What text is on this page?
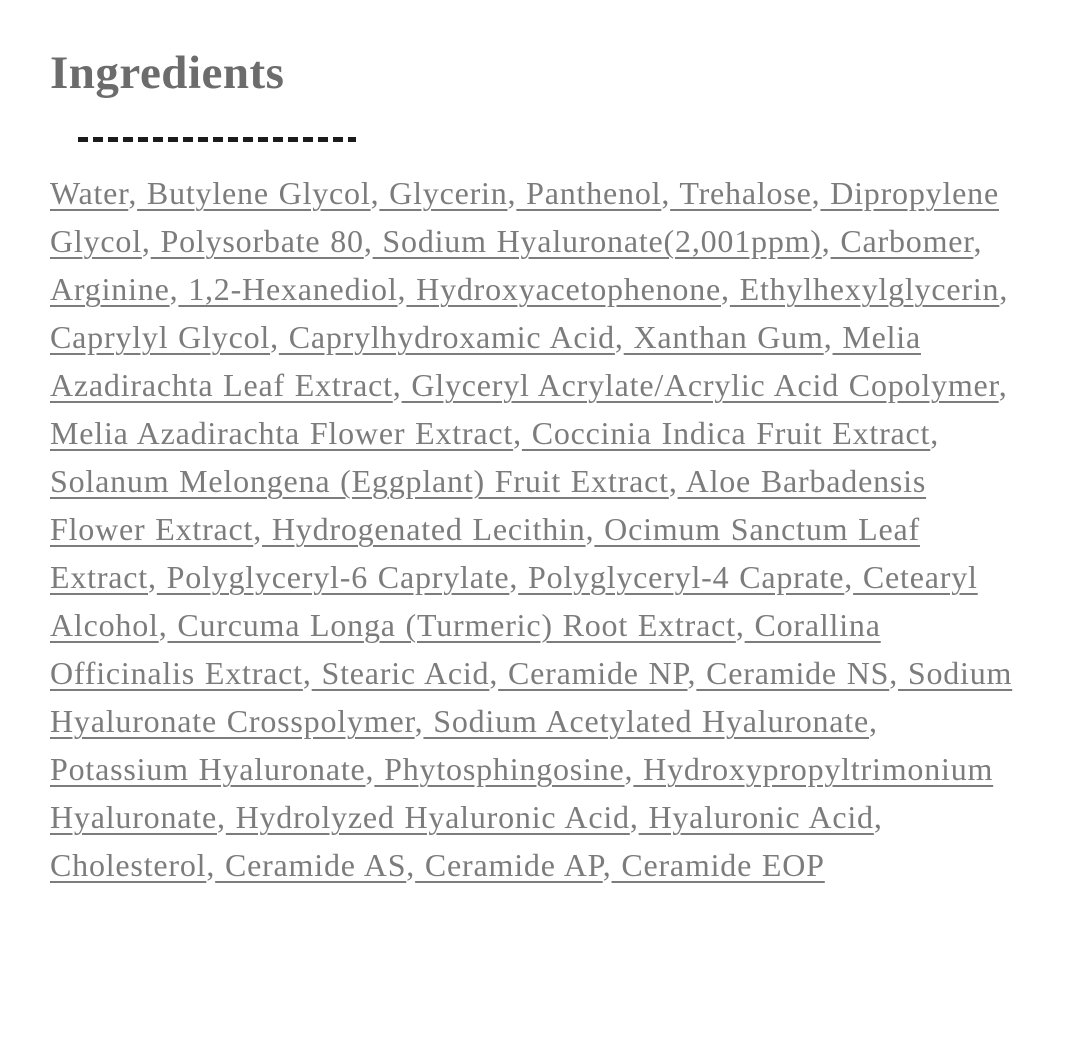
Ingredients
Water, Butylene Glycol, Glycerin, Panthenol, Trehalose, Dipropylene Glycol, Polysorbate 80, Sodium Hyaluronate(2,001ppm), Carbomer, Arginine, 1,2-Hexanediol, Hydroxyacetophenone, Ethylhexylglycerin, Caprylyl Glycol, Caprylhydroxamic Acid, Xanthan Gum, Melia Azadirachta Leaf Extract, Glyceryl Acrylate/Acrylic Acid Copolymer, Melia Azadirachta Flower Extract, Coccinia Indica Fruit Extract, Solanum Melongena (Eggplant) Fruit Extract, Aloe Barbadensis Flower Extract, Hydrogenated Lecithin, Ocimum Sanctum Leaf Extract, Polyglyceryl-6 Caprylate, Polyglyceryl-4 Caprate, Cetearyl Alcohol, Curcuma Longa (Turmeric) Root Extract, Corallina Officinalis Extract, Stearic Acid, Ceramide NP, Ceramide NS, Sodium Hyaluronate Crosspolymer, Sodium Acetylated Hyaluronate, Potassium Hyaluronate, Phytosphingosine, Hydroxypropyltrimonium Hyaluronate, Hydrolyzed Hyaluronic Acid, Hyaluronic Acid, Cholesterol, Ceramide AS, Ceramide AP, Ceramide EOP
